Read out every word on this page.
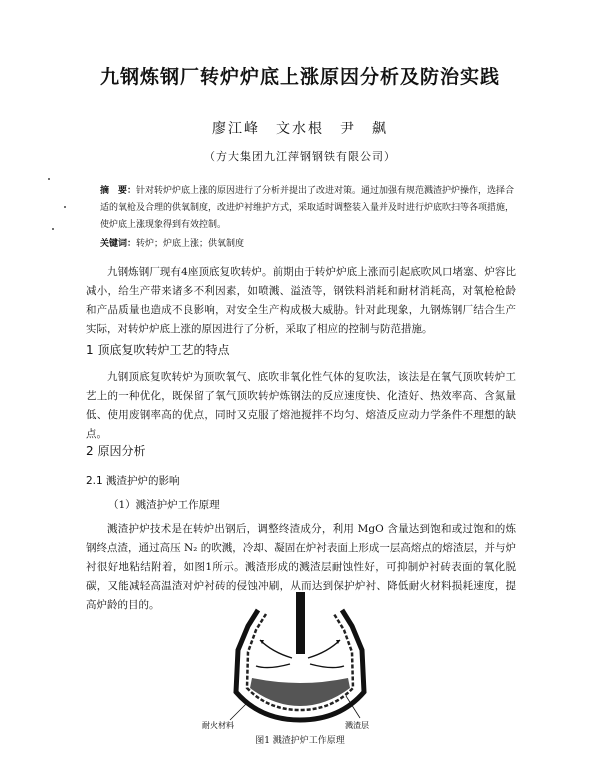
九钢炼钢厂转炉炉底上涨原因分析及防治实践
廖江峰　文水根　尹　飙
（方大集团九江萍钢钢铁有限公司）
摘　要：针对转炉炉底上涨的原因进行了分析并提出了改进对策。通过加强有规范溅渣护炉操作，选择合适的氧枪及合理的供氧制度，改进炉衬维护方式，采取适时调整装入量并及时进行炉底吹扫等各项措施，使炉底上涨现象得到有效控制。
关键词：转炉；炉底上涨；供氧制度
九钢炼钢厂现有4座顶底复吹转炉。前期由于转炉炉底上涨而引起底吹风口堵塞、炉容比减小，给生产带来诸多不利因素，如喷溅、溢渣等，钢铁料消耗和耐材消耗高，对氧枪枪龄和产品质量也造成不良影响，对安全生产构成极大威胁。针对此现象，九钢炼钢厂结合生产实际，对转炉炉底上涨的原因进行了分析，采取了相应的控制与防范措施。
1 顶底复吹转炉工艺的特点
九钢顶底复吹转炉为顶吹氧气、底吹非氧化性气体的复吹法，该法是在氧气顶吹转炉工艺上的一种优化，既保留了氧气顶吹转炉炼钢法的反应速度快、化渣好、热效率高、含氮量低、使用废钢率高的优点，同时又克服了熔池搅拌不均匀、熔渣反应动力学条件不理想的缺点。
2 原因分析
2.1 溅渣护炉的影响
（1）溅渣护炉工作原理
溅渣护炉技术是在转炉出钢后，调整终渣成分，利用 MgO 含量达到饱和或过饱和的炼钢终点渣，通过高压 N₂ 的吹溅，冷却、凝固在炉衬表面上形成一层高熔点的熔渣层，并与炉衬很好地粘结附着，如图1所示。溅渣形成的溅渣层耐蚀性好，可抑制炉衬砖表面的氧化脱碳，又能减轻高温渣对炉衬砖的侵蚀冲刷，从而达到保护炉衬、降低耐火材料损耗速度，提高炉龄的目的。
耐火材料	溅渣层
图1 溅渣护炉工作原理
